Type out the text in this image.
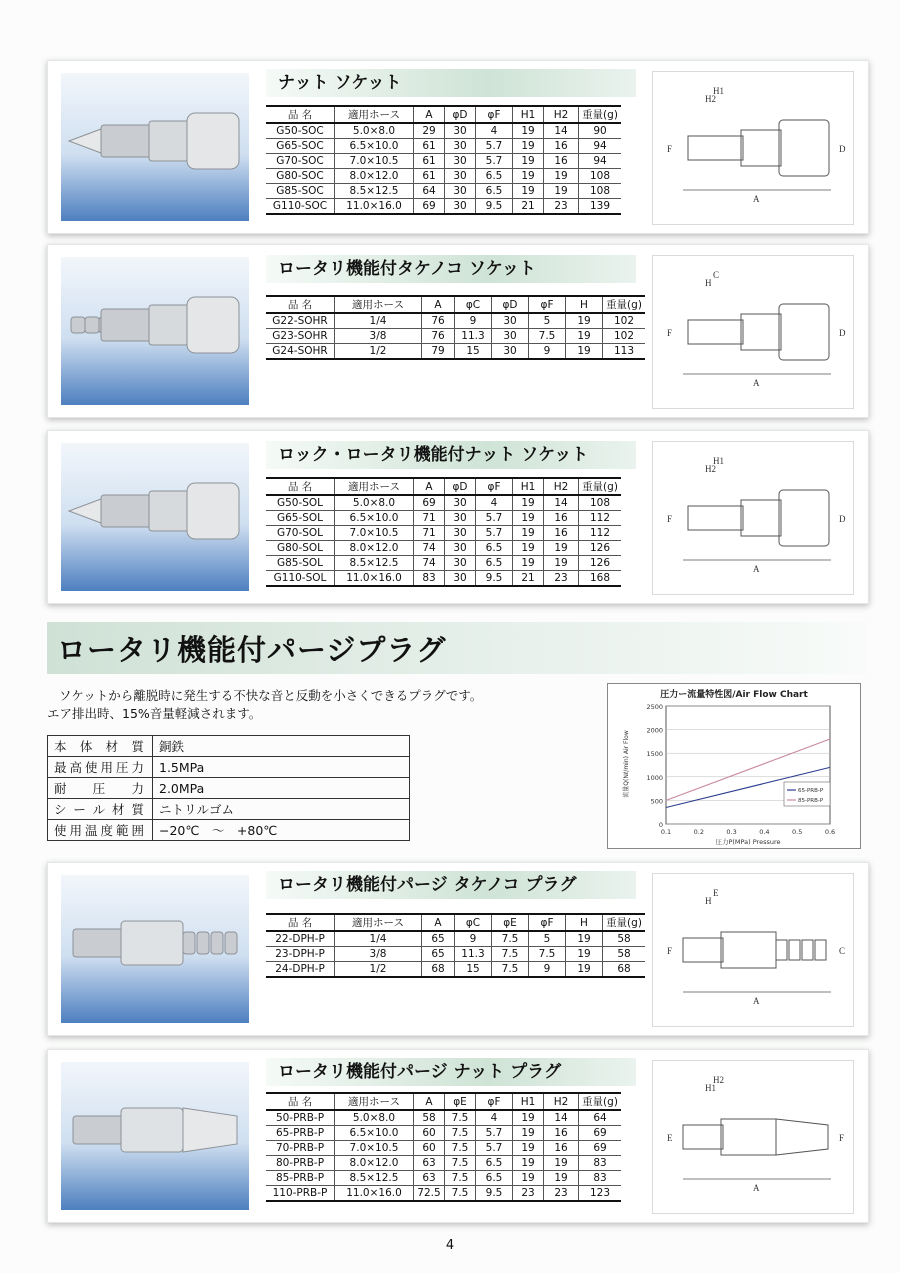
ナット ソケット
品 名	適用ホース	A	φD	φF	H1	H2	重量(g)
G50-SOC	5.0×8.0	29	30	4	19	14	90
G65-SOC	6.5×10.0	61	30	5.7	19	16	94
G70-SOC	7.0×10.5	61	30	5.7	19	16	94
G80-SOC	8.0×12.0	61	30	6.5	19	19	108
G85-SOC	8.5×12.5	64	30	6.5	19	19	108
G110-SOC	11.0×16.0	69	30	9.5	21	23	139
H2
H1
F	D
A
ロータリ機能付タケノコ ソケット
品 名	適用ホース	A	φC	φD	φF	H	重量(g)
G22-SOHR	1/4	76	9	30	5	19	102
G23-SOHR	3/8	76	11.3	30	7.5	19	102
G24-SOHR	1/2	79	15	30	9	19	113
H
C
F	D
A
ロック・ロータリ機能付ナット ソケット
品 名	適用ホース	A	φD	φF	H1	H2	重量(g)
G50-SOL	5.0×8.0	69	30	4	19	14	108
G65-SOL	6.5×10.0	71	30	5.7	19	16	112
G70-SOL	7.0×10.5	71	30	5.7	19	16	112
G80-SOL	8.0×12.0	74	30	6.5	19	19	126
G85-SOL	8.5×12.5	74	30	6.5	19	19	126
G110-SOL	11.0×16.0	83	30	9.5	21	23	168
H2
H1
F	D
A
ロータリ機能付パージ タケノコ プラグ
品 名	適用ホース	A	φC	φE	φF	H	重量(g)
22-DPH-P	1/4	65	9	7.5	5	19	58
23-DPH-P	3/8	65	11.3	7.5	7.5	19	58
24-DPH-P	1/2	68	15	7.5	9	19	68
H
E
F	C
A
ロータリ機能付パージ ナット プラグ
品 名	適用ホース	A	φE	φF	H1	H2	重量(g)
50-PRB-P	5.0×8.0	58	7.5	4	19	14	64
65-PRB-P	6.5×10.0	60	7.5	5.7	19	16	69
70-PRB-P	7.0×10.5	60	7.5	5.7	19	16	69
80-PRB-P	8.0×12.0	63	7.5	6.5	19	19	83
85-PRB-P	8.5×12.5	63	7.5	6.5	19	19	83
110-PRB-P	11.0×16.0	72.5	7.5	9.5	23	23	123
H1
H2
E	F
A
ロータリ機能付パージプラグ
ソケットから離脱時に発生する不快な音と反動を小さくできるプラグです。
エア排出時、15%音量軽減されます。
本体材質	銅鉄
最高使用圧力	1.5MPa
耐圧力	2.0MPa
シール材質	ニトリルゴム
使用温度範囲	−20℃　～　+80℃
圧力ー流量特性図/Air Flow Chart
0
500
1000
1500
2000
2500
0.1	0.2	0.3	0.4	0.5	0.6
圧力P(MPa) Pressure
流量Q(Nℓ/min) Air Flow	65-PRB-P
85-PRB-P
4
